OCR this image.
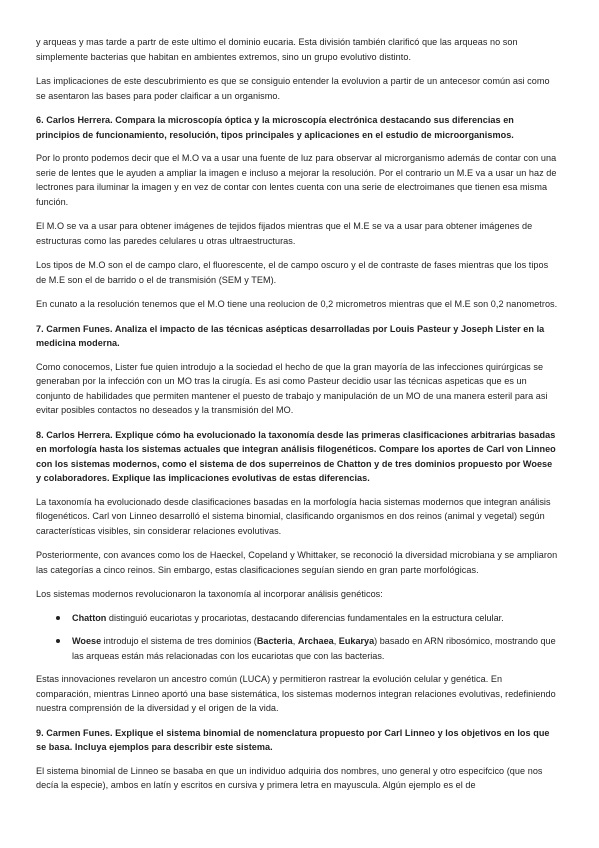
y arqueas y mas tarde a partr de este ultimo el dominio eucaria. Esta división también clarificó que las arqueas no son simplemente bacterias que habitan en ambientes extremos, sino un grupo evolutivo distinto.

Las implicaciones de este descubrimiento es que se consiguio entender la evoluvion a partir de un antecesor común asi como se asentaron las bases para poder claificar a un organismo.

6. Carlos Herrera. Compara la microscopía óptica y la microscopía electrónica destacando sus diferencias en principios de funcionamiento, resolución, tipos principales y aplicaciones en el estudio de microorganismos.

Por lo pronto podemos decir que el M.O va a usar una fuente de luz para observar al microrganismo además de contar con una serie de lentes que le ayuden a ampliar la imagen e incluso a mejorar la resolución. Por el contrario un M.E va a usar un haz de lectrones para iluminar la imagen y en vez de contar con lentes cuenta con una serie de electroimanes que tienen esa misma función.

El M.O se va a usar para obtener imágenes de tejidos fijados mientras que el M.E se va a usar para obtener imágenes de estructuras como las paredes celulares u otras ultraestructuras.

Los tipos de M.O son el de campo claro, el fluorescente, el de campo oscuro y el de contraste de fases mientras que los tipos de M.E son el de barrido o el de transmisión (SEM y TEM).

En cunato a la resolución tenemos que el M.O tiene una reolucion de 0,2 micrometros mientras que el M.E son 0,2 nanometros.

7. Carmen Funes. Analiza el impacto de las técnicas asépticas desarrolladas por Louis Pasteur y Joseph Lister en la medicina moderna.

Como conocemos, Lister fue quien introdujo a la sociedad el hecho de que la gran mayoría de las infecciones quirúrgicas se generaban por la infección con un MO tras la cirugía. Es asi como Pasteur decidio usar las técnicas aspeticas que es un conjunto de habilidades que permiten mantener el puesto de trabajo y manipulación de un MO de una manera esteril para asi evitar posibles contactos no deseados y la transmisión del MO.

8. Carlos Herrera. Explique cómo ha evolucionado la taxonomía desde las primeras clasificaciones arbitrarias basadas en morfología hasta los sistemas actuales que integran análisis filogenéticos. Compare los aportes de Carl von Linneo con los sistemas modernos, como el sistema de dos superreinos de Chatton y de tres dominios propuesto por Woese y colaboradores. Explique las implicaciones evolutivas de estas diferencias.

La taxonomía ha evolucionado desde clasificaciones basadas en la morfología hacia sistemas modernos que integran análisis filogenéticos. Carl von Linneo desarrolló el sistema binomial, clasificando organismos en dos reinos (animal y vegetal) según características visibles, sin considerar relaciones evolutivas.

Posteriormente, con avances como los de Haeckel, Copeland y Whittaker, se reconoció la diversidad microbiana y se ampliaron las categorías a cinco reinos. Sin embargo, estas clasificaciones seguían siendo en gran parte morfológicas.

Los sistemas modernos revolucionaron la taxonomía al incorporar análisis genéticos:

Chatton distinguió eucariotas y procariotas, destacando diferencias fundamentales en la estructura celular.
Woese introdujo el sistema de tres dominios (Bacteria, Archaea, Eukarya) basado en ARN ribosómico, mostrando que las arqueas están más relacionadas con los eucariotas que con las bacterias.

Estas innovaciones revelaron un ancestro común (LUCA) y permitieron rastrear la evolución celular y genética. En comparación, mientras Linneo aportó una base sistemática, los sistemas modernos integran relaciones evolutivas, redefiniendo nuestra comprensión de la diversidad y el origen de la vida.

9. Carmen Funes. Explique el sistema binomial de nomenclatura propuesto por Carl Linneo y los objetivos en los que se basa. Incluya ejemplos para describir este sistema.

El sistema binomial de Linneo se basaba en que un individuo adquiria dos nombres, uno general y otro especifcico (que nos decía la especie), ambos en latín y escritos en cursiva y primera letra en mayuscula. Algún ejemplo es el de
